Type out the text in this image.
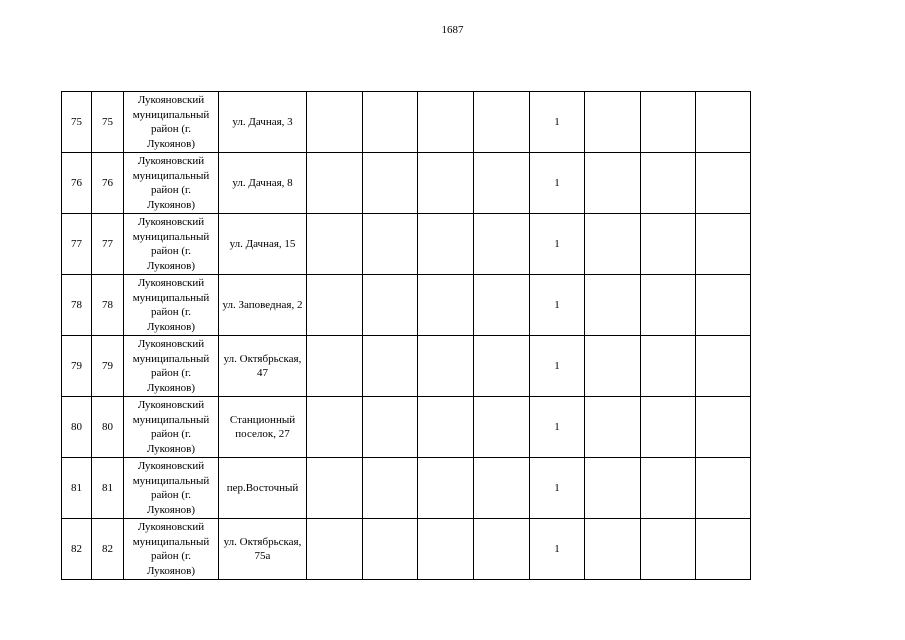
1687
75	75	Лукояновский муниципальный район (г. Лукоянов)	ул. Дачная, 3					1			
76	76	Лукояновский муниципальный район (г. Лукоянов)	ул. Дачная, 8					1			
77	77	Лукояновский муниципальный район (г. Лукоянов)	ул. Дачная, 15					1			
78	78	Лукояновский муниципальный район (г. Лукоянов)	ул. Заповедная, 2					1			
79	79	Лукояновский муниципальный район (г. Лукоянов)	ул. Октябрьская, 47					1			
80	80	Лукояновский муниципальный район (г. Лукоянов)	Станционный поселок, 27					1			
81	81	Лукояновский муниципальный район (г. Лукоянов)	пер.Восточный					1			
82	82	Лукояновский муниципальный район (г. Лукоянов)	ул. Октябрьская, 75а					1			
